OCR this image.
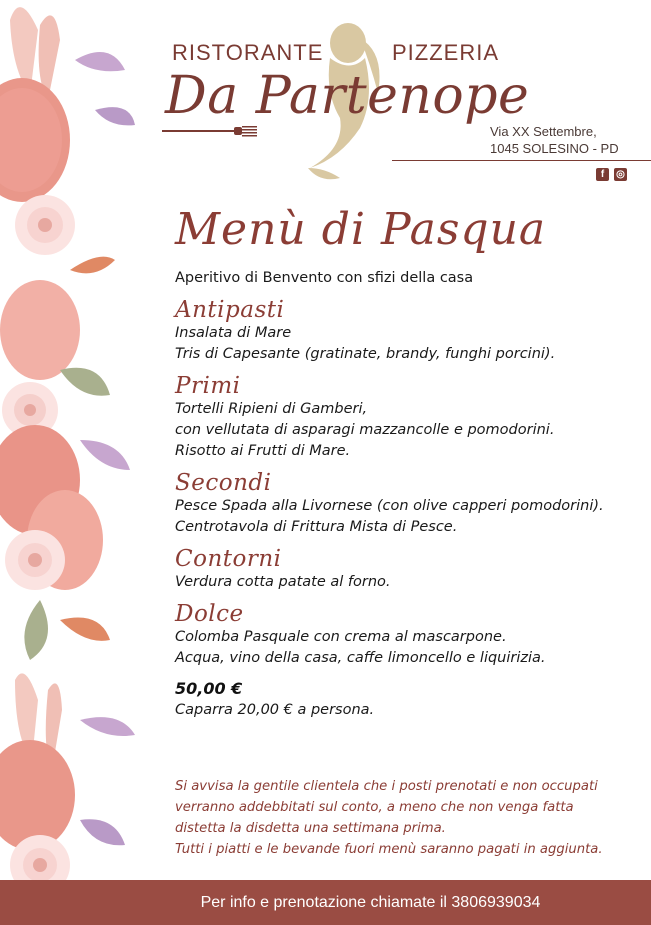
RISTORANTE	PIZZERIA
Da Partenope
Via XX Settembre,
1045 SOLESINO - PD
f	◎
Menù di Pasqua
Aperitivo di Benvento con sfizi della casa
Antipasti
Insalata di Mare
Tris di Capesante (gratinate, brandy, funghi porcini).
Primi
Tortelli Ripieni di Gamberi,
con vellutata di asparagi mazzancolle e pomodorini.
Risotto ai Frutti di Mare.
Secondi
Pesce Spada alla Livornese (con olive capperi pomodorini).
Centrotavola di Frittura Mista di Pesce.
Contorni
Verdura cotta patate al forno.
Dolce
Colomba Pasquale con crema al mascarpone.
Acqua, vino della casa, caffe limoncello e liquirizia.
50,00 €
Caparra 20,00 € a persona.
Si avvisa la gentile clientela che i posti prenotati e non occupati
verranno addebbitati sul conto, a meno che non venga fatta
distetta la disdetta una settimana prima.
Tutti i piatti e le bevande fuori menù saranno pagati in aggiunta.
Per info e prenotazione chiamate il 3806939034
